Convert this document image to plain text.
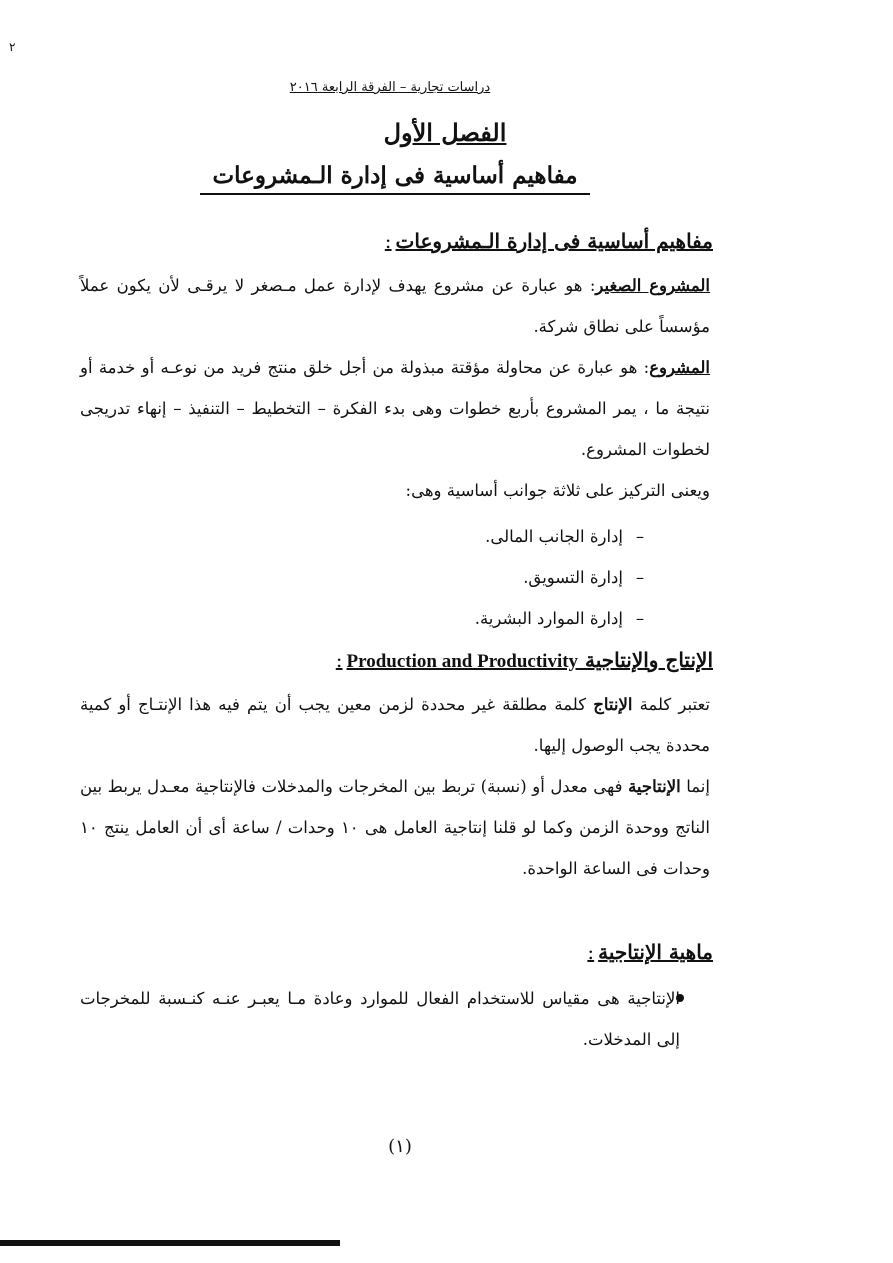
٢
دراسات تجارية – الفرقة الرابعة ٢٠١٦
الفصل الأول
مفاهيم أساسية فى إدارة الـمشروعات
مفاهيم أساسية فى إدارة الـمشروعات:
المشروع الصغير: هو عبارة عن مشروع يهدف لإدارة عمل مـصغر لا يرقـى لأن يكون عملاً مؤسساً على نطاق شركة.
المشروع: هو عبارة عن محاولة مؤقتة مبذولة من أجل خلق منتج فريد من نوعـه أو خدمة أو نتيجة ما ، يمر المشروع بأربع خطوات وهى بدء الفكرة – التخطيط – التنفيذ – إنهاء تدريجى لخطوات المشروع.
ويعنى التركيز على ثلاثة جوانب أساسية وهى:
–إدارة الجانب المالى.
–إدارة التسويق.
–إدارة الموارد البشرية.
الإنتاج والإنتاجية Production and Productivity:
تعتبر كلمة الإنتاج كلمة مطلقة غير محددة لزمن معين يجب أن يتم فيه هذا الإنتـاج أو كمية محددة يجب الوصول إليها.
إنما الإنتاجية فهى معدل أو (نسبة) تربط بين المخرجات والمدخلات فالإنتاجية معـدل يربط بين الناتج ووحدة الزمن وكما لو قلنا إنتاجية العامل هى ١٠ وحدات / ساعة أى أن العامل ينتج ١٠ وحدات فى الساعة الواحدة.
ماهية الإنتاجية:
الإنتاجية هى مقياس للاستخدام الفعال للموارد وعادة مـا يعبـر عنـه كنـسبة للمخرجات إلى المدخلات.
(١)
